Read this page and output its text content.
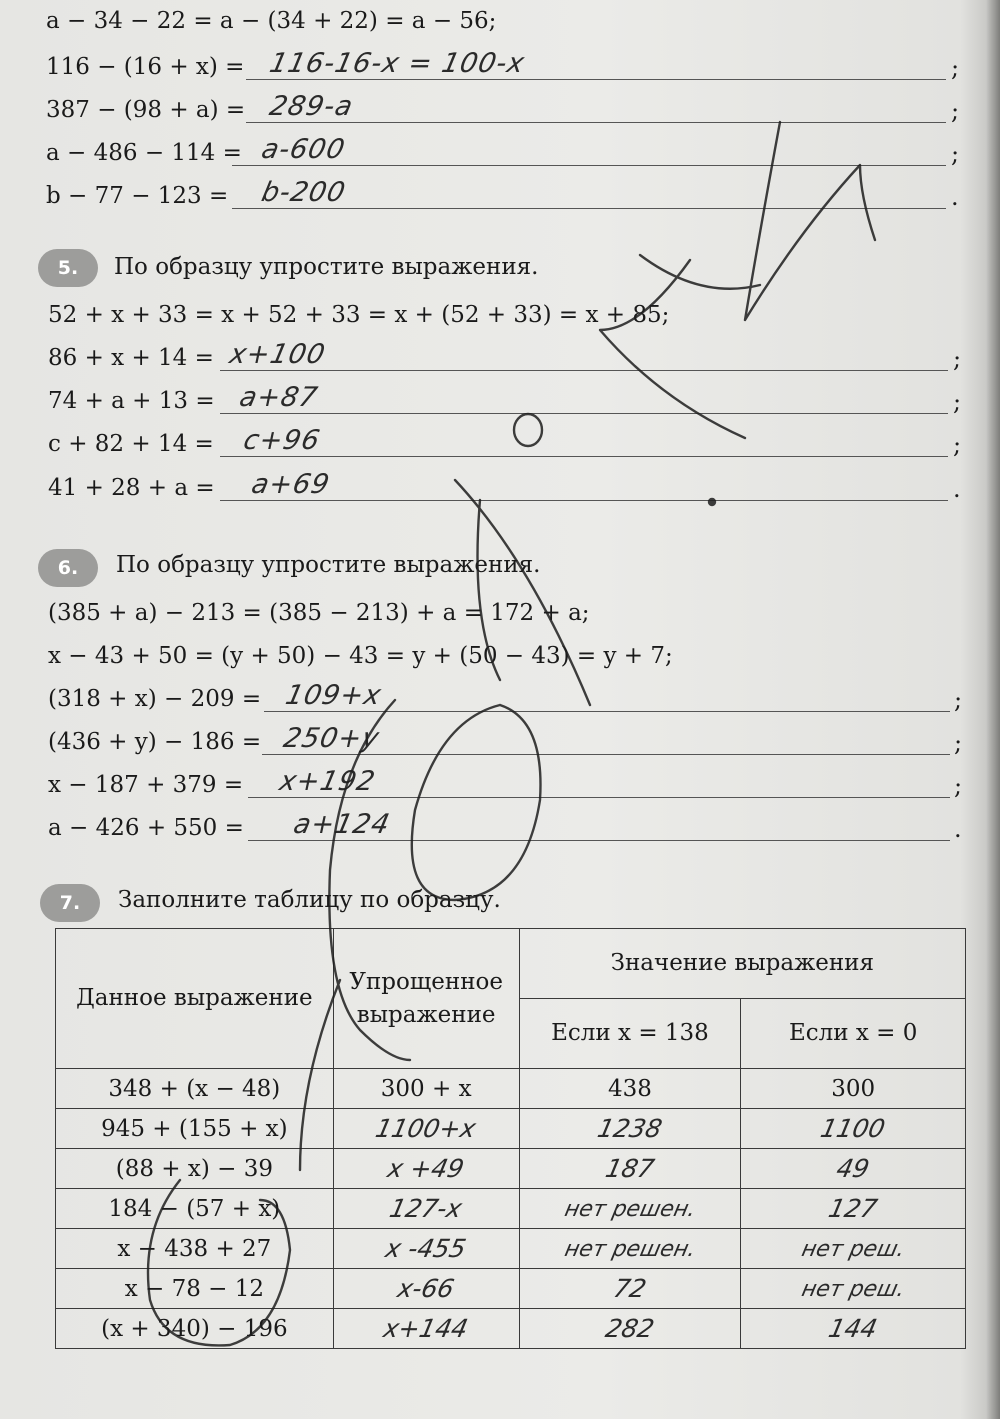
a − 34 − 22 = a − (34 + 22) = a − 56;
116 − (16 + x) = 116-16-x = 100-x	;
387 − (98 + a) = 289-a	;
a − 486 − 114 = a-600	;
b − 77 − 123 = b-200	.
5.	По образцу упростите выражения.
52 + x + 33 = x + 52 + 33 = x + (52 + 33) = x + 85;
86 + x + 14 = x+100	;
74 + a + 13 = a+87	;
c + 82 + 14 = c+96	;
41 + 28 + a = a+69	.
6.	По образцу упростите выражения.
(385 + a) − 213 = (385 − 213) + a = 172 + a;
x − 43 + 50 = (y + 50) − 43 = y + (50 − 43) = y + 7;
(318 + x) − 209 = 109+x	;
(436 + y) − 186 = 250+y	;
x − 187 + 379 = x+192	;
a − 426 + 550 = a+124	.
7.	Заполните таблицу по образцу.
Данное выражение	Упрощенное выражение	Значение выражения	
		Если x = 138	Если x = 0
348 + (x − 48)	300 + x	438	300
945 + (155 + x)	1100+x	1238	1100
(88 + x) − 39	x +49	187	49
184 − (57 + x)	127-x	нет решен.	127
x − 438 + 27	x -455	нет решен.	нет реш.
x − 78 − 12	x-66	72	нет реш.
(x + 340) − 196	x+144	282	144
